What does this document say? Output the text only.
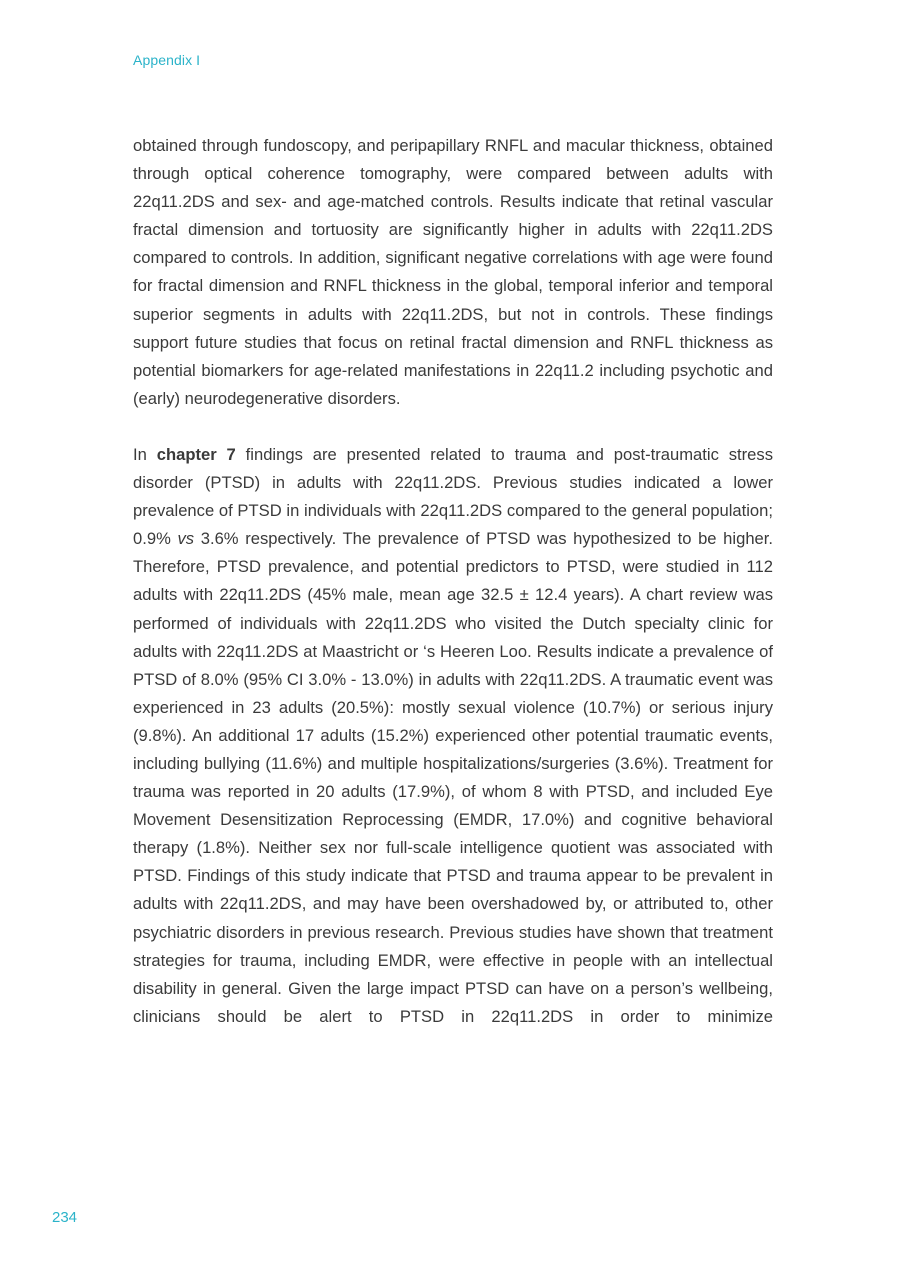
Appendix I

obtained through fundoscopy, and peripapillary RNFL and macular thickness, obtained through optical coherence tomography, were compared between adults with 22q11.2DS and sex- and age-matched controls. Results indicate that retinal vascular fractal dimension and tortuosity are significantly higher in adults with 22q11.2DS compared to controls. In addition, significant negative correlations with age were found for fractal dimension and RNFL thickness in the global, temporal inferior and temporal superior segments in adults with 22q11.2DS, but not in controls. These findings support future studies that focus on retinal fractal dimension and RNFL thickness as potential biomarkers for age-related manifestations in 22q11.2 including psychotic and (early) neurodegenerative disorders.

In chapter 7 findings are presented related to trauma and post-traumatic stress disorder (PTSD) in adults with 22q11.2DS. Previous studies indicated a lower prevalence of PTSD in individuals with 22q11.2DS compared to the general population; 0.9% vs 3.6% respectively. The prevalence of PTSD was hypothesized to be higher. Therefore, PTSD prevalence, and potential predictors to PTSD, were studied in 112 adults with 22q11.2DS (45% male, mean age 32.5 ± 12.4 years). A chart review was performed of individuals with 22q11.2DS who visited the Dutch specialty clinic for adults with 22q11.2DS at Maastricht or ‘s Heeren Loo. Results indicate a prevalence of PTSD of 8.0% (95% CI 3.0% - 13.0%) in adults with 22q11.2DS. A traumatic event was experienced in 23 adults (20.5%): mostly sexual violence (10.7%) or serious injury (9.8%). An additional 17 adults (15.2%) experienced other potential traumatic events, including bullying (11.6%) and multiple hospitalizations/surgeries (3.6%). Treatment for trauma was reported in 20 adults (17.9%), of whom 8 with PTSD, and included Eye Movement Desensitization Reprocessing (EMDR, 17.0%) and cognitive behavioral therapy (1.8%). Neither sex nor full-scale intelligence quotient was associated with PTSD. Findings of this study indicate that PTSD and trauma appear to be prevalent in adults with 22q11.2DS, and may have been overshadowed by, or attributed to, other psychiatric disorders in previous research. Previous studies have shown that treatment strategies for trauma, including EMDR, were effective in people with an intellectual disability in general. Given the large impact PTSD can have on a person’s wellbeing, clinicians should be alert to PTSD in 22q11.2DS in order to minimize

234
